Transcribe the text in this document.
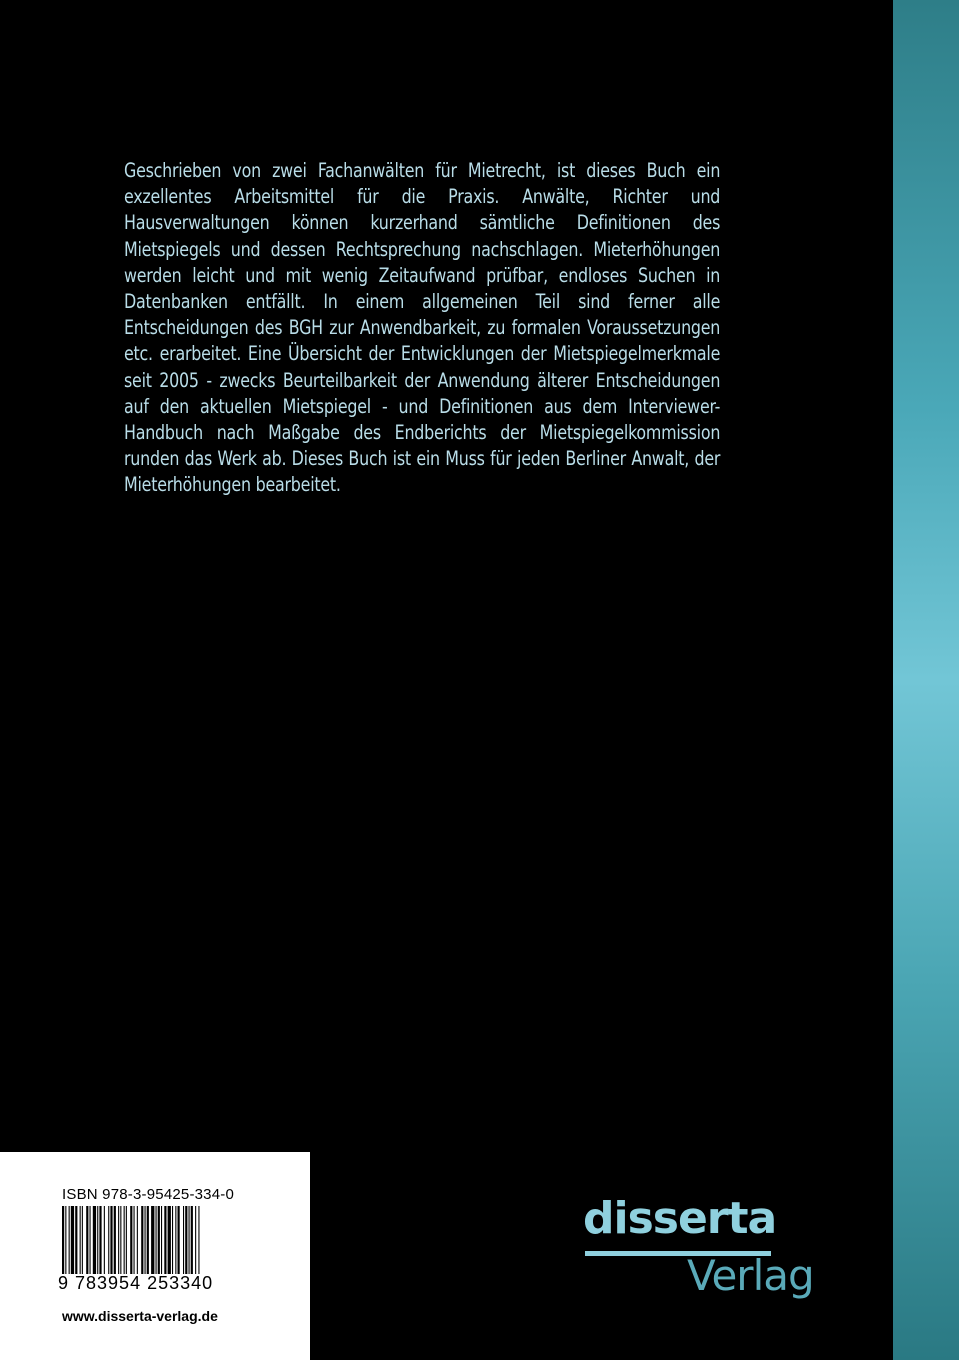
Geschrieben von zwei Fachanwälten für Mietrecht, ist dieses Buch ein exzellentes Arbeitsmittel für die Praxis. Anwälte, Richter und Hausverwaltungen können kurzerhand sämtliche Definitionen des Mietspiegels und dessen Rechtsprechung nachschlagen. Mieterhöhungen werden leicht und mit wenig Zeitaufwand prüfbar, endloses Suchen in Datenbanken entfällt. In einem allgemeinen Teil sind ferner alle Entscheidungen des BGH zur Anwendbarkeit, zu formalen Voraussetzungen etc. erarbeitet. Eine Übersicht der Entwicklungen der Mietspiegelmerkmale seit 2005 - zwecks Beurteilbarkeit der Anwendung älterer Entscheidungen auf den aktuellen Mietspiegel - und Definitionen aus dem Interviewer-Handbuch nach Maßgabe des Endberichts der Mietspiegelkommission runden das Werk ab. Dieses Buch ist ein Muss für jeden Berliner Anwalt, der Mieterhöhungen bearbeitet.

ISBN 978-3-95425-334-0
9 783954 253340
www.disserta-verlag.de
disserta
Verlag
